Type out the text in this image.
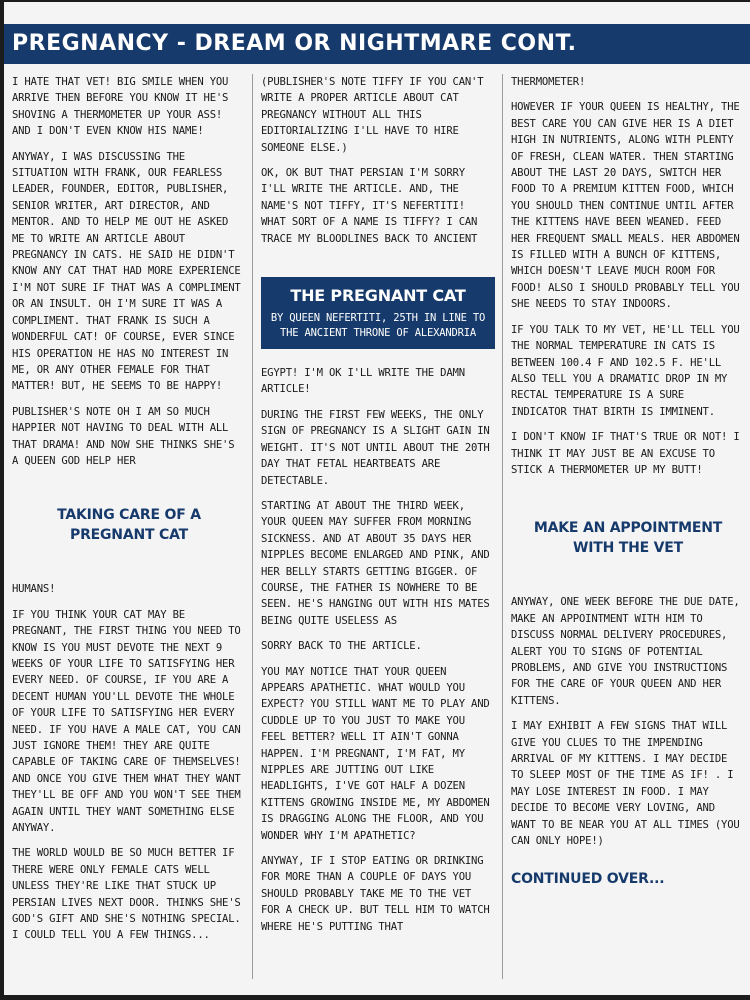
PREGNANCY - DREAM OR NIGHTMARE CONT.

I HATE THAT VET! BIG SMILE WHEN YOU ARRIVE THEN BEFORE YOU KNOW IT HE'S SHOVING A THERMOMETER UP YOUR ASS! AND I DON'T EVEN KNOW HIS NAME!

ANYWAY, I WAS DISCUSSING THE SITUATION WITH FRANK, OUR FEARLESS LEADER, FOUNDER, EDITOR, PUBLISHER, SENIOR WRITER, ART DIRECTOR, AND MENTOR. AND TO HELP ME OUT HE ASKED ME TO WRITE AN ARTICLE ABOUT PREGNANCY IN CATS. HE SAID HE DIDN'T KNOW ANY CAT THAT HAD MORE EXPERIENCE I'M NOT SURE IF THAT WAS A COMPLIMENT OR AN INSULT. OH I'M SURE IT WAS A COMPLIMENT. THAT FRANK IS SUCH A WONDERFUL CAT! OF COURSE, EVER SINCE HIS OPERATION HE HAS NO INTEREST IN ME, OR ANY OTHER FEMALE FOR THAT MATTER! BUT, HE SEEMS TO BE HAPPY!

PUBLISHER'S NOTE OH I AM SO MUCH HAPPIER NOT HAVING TO DEAL WITH ALL THAT DRAMA! AND NOW SHE THINKS SHE'S A QUEEN GOD HELP HER

TAKING CARE OF A PREGNANT CAT

HUMANS!

IF YOU THINK YOUR CAT MAY BE PREGNANT, THE FIRST THING YOU NEED TO KNOW IS YOU MUST DEVOTE THE NEXT 9 WEEKS OF YOUR LIFE TO SATISFYING HER EVERY NEED. OF COURSE, IF YOU ARE A DECENT HUMAN YOU'LL DEVOTE THE WHOLE OF YOUR LIFE TO SATISFYING HER EVERY NEED. IF YOU HAVE A MALE CAT, YOU CAN JUST IGNORE THEM! THEY ARE QUITE CAPABLE OF TAKING CARE OF THEMSELVES! AND ONCE YOU GIVE THEM WHAT THEY WANT THEY'LL BE OFF AND YOU WON'T SEE THEM AGAIN UNTIL THEY WANT SOMETHING ELSE ANYWAY.

THE WORLD WOULD BE SO MUCH BETTER IF THERE WERE ONLY FEMALE CATS WELL UNLESS THEY'RE LIKE THAT STUCK UP PERSIAN LIVES NEXT DOOR. THINKS SHE'S GOD'S GIFT AND SHE'S NOTHING SPECIAL. I COULD TELL YOU A FEW THINGS...

(PUBLISHER'S NOTE TIFFY IF YOU CAN'T WRITE A PROPER ARTICLE ABOUT CAT PREGNANCY WITHOUT ALL THIS EDITORIALIZING I'LL HAVE TO HIRE SOMEONE ELSE.)

OK, OK BUT THAT PERSIAN I'M SORRY I'LL WRITE THE ARTICLE. AND, THE NAME'S NOT TIFFY, IT'S NEFERTITI! WHAT SORT OF A NAME IS TIFFY? I CAN TRACE MY BLOODLINES BACK TO ANCIENT

THE PREGNANT CAT
BY QUEEN NEFERTITI, 25TH IN LINE TO THE ANCIENT THRONE OF ALEXANDRIA

EGYPT! I'M OK I'LL WRITE THE DAMN ARTICLE!

DURING THE FIRST FEW WEEKS, THE ONLY SIGN OF PREGNANCY IS A SLIGHT GAIN IN WEIGHT. IT'S NOT UNTIL ABOUT THE 20TH DAY THAT FETAL HEARTBEATS ARE DETECTABLE.

STARTING AT ABOUT THE THIRD WEEK, YOUR QUEEN MAY SUFFER FROM MORNING SICKNESS. AND AT ABOUT 35 DAYS HER NIPPLES BECOME ENLARGED AND PINK, AND HER BELLY STARTS GETTING BIGGER. OF COURSE, THE FATHER IS NOWHERE TO BE SEEN. HE'S HANGING OUT WITH HIS MATES BEING QUITE USELESS AS

SORRY BACK TO THE ARTICLE.

YOU MAY NOTICE THAT YOUR QUEEN APPEARS APATHETIC. WHAT WOULD YOU EXPECT? YOU STILL WANT ME TO PLAY AND CUDDLE UP TO YOU JUST TO MAKE YOU FEEL BETTER? WELL IT AIN'T GONNA HAPPEN. I'M PREGNANT, I'M FAT, MY NIPPLES ARE JUTTING OUT LIKE HEADLIGHTS, I'VE GOT HALF A DOZEN KITTENS GROWING INSIDE ME, MY ABDOMEN IS DRAGGING ALONG THE FLOOR, AND YOU WONDER WHY I'M APATHETIC?

ANYWAY, IF I STOP EATING OR DRINKING FOR MORE THAN A COUPLE OF DAYS YOU SHOULD PROBABLY TAKE ME TO THE VET FOR A CHECK UP. BUT TELL HIM TO WATCH WHERE HE'S PUTTING THAT

THERMOMETER!

HOWEVER IF YOUR QUEEN IS HEALTHY, THE BEST CARE YOU CAN GIVE HER IS A DIET HIGH IN NUTRIENTS, ALONG WITH PLENTY OF FRESH, CLEAN WATER. THEN STARTING ABOUT THE LAST 20 DAYS, SWITCH HER FOOD TO A PREMIUM KITTEN FOOD, WHICH YOU SHOULD THEN CONTINUE UNTIL AFTER THE KITTENS HAVE BEEN WEANED. FEED HER FREQUENT SMALL MEALS. HER ABDOMEN IS FILLED WITH A BUNCH OF KITTENS, WHICH DOESN'T LEAVE MUCH ROOM FOR FOOD! ALSO I SHOULD PROBABLY TELL YOU SHE NEEDS TO STAY INDOORS.

IF YOU TALK TO MY VET, HE'LL TELL YOU THE NORMAL TEMPERATURE IN CATS IS BETWEEN 100.4 F AND 102.5 F. HE'LL ALSO TELL YOU A DRAMATIC DROP IN MY RECTAL TEMPERATURE IS A SURE INDICATOR THAT BIRTH IS IMMINENT.

I DON'T KNOW IF THAT'S TRUE OR NOT! I THINK IT MAY JUST BE AN EXCUSE TO STICK A THERMOMETER UP MY BUTT!

MAKE AN APPOINTMENT WITH THE VET

ANYWAY, ONE WEEK BEFORE THE DUE DATE, MAKE AN APPOINTMENT WITH HIM TO DISCUSS NORMAL DELIVERY PROCEDURES, ALERT YOU TO SIGNS OF POTENTIAL PROBLEMS, AND GIVE YOU INSTRUCTIONS FOR THE CARE OF YOUR QUEEN AND HER KITTENS.

I MAY EXHIBIT A FEW SIGNS THAT WILL GIVE YOU CLUES TO THE IMPENDING ARRIVAL OF MY KITTENS. I MAY DECIDE TO SLEEP MOST OF THE TIME AS IF! . I MAY LOSE INTEREST IN FOOD. I MAY DECIDE TO BECOME VERY LOVING, AND WANT TO BE NEAR YOU AT ALL TIMES (YOU CAN ONLY HOPE!)

CONTINUED OVER...
